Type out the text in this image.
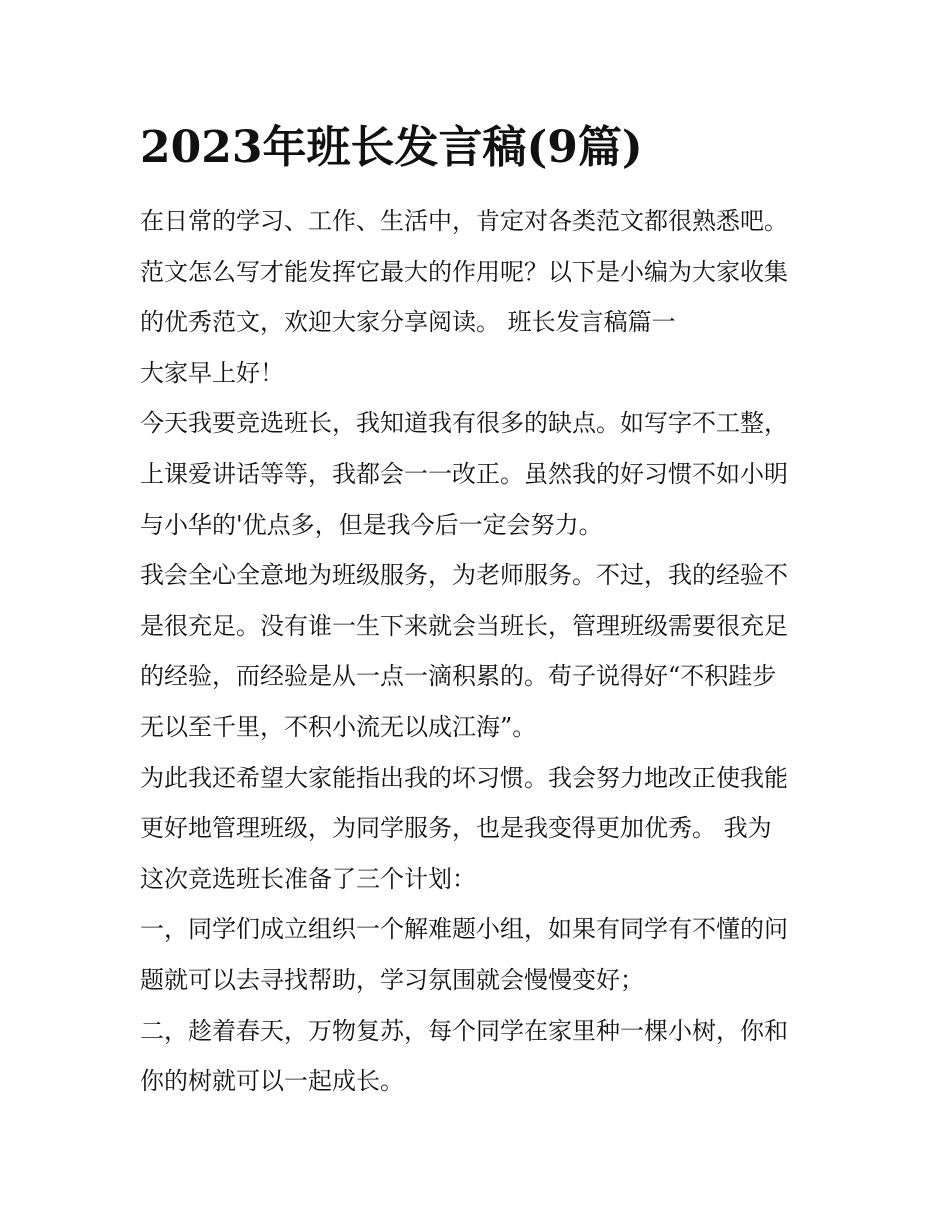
2023年班长发言稿(9篇)
在日常的学习、工作、生活中，肯定对各类范文都很熟悉吧。
范文怎么写才能发挥它最大的作用呢？以下是小编为大家收集
的优秀范文，欢迎大家分享阅读。 班长发言稿篇一
大家早上好！
今天我要竞选班长，我知道我有很多的缺点。如写字不工整，
上课爱讲话等等，我都会一一改正。虽然我的好习惯不如小明
与小华的'优点多，但是我今后一定会努力。
我会全心全意地为班级服务，为老师服务。不过，我的经验不
是很充足。没有谁一生下来就会当班长，管理班级需要很充足
的经验，而经验是从一点一滴积累的。荀子说得好“不积跬步
无以至千里，不积小流无以成江海”。
为此我还希望大家能指出我的坏习惯。我会努力地改正使我能
更好地管理班级，为同学服务，也是我变得更加优秀。 我为
这次竞选班长准备了三个计划：
一，同学们成立组织一个解难题小组，如果有同学有不懂的问
题就可以去寻找帮助，学习氛围就会慢慢变好；
二，趁着春天，万物复苏，每个同学在家里种一棵小树，你和
你的树就可以一起成长。
